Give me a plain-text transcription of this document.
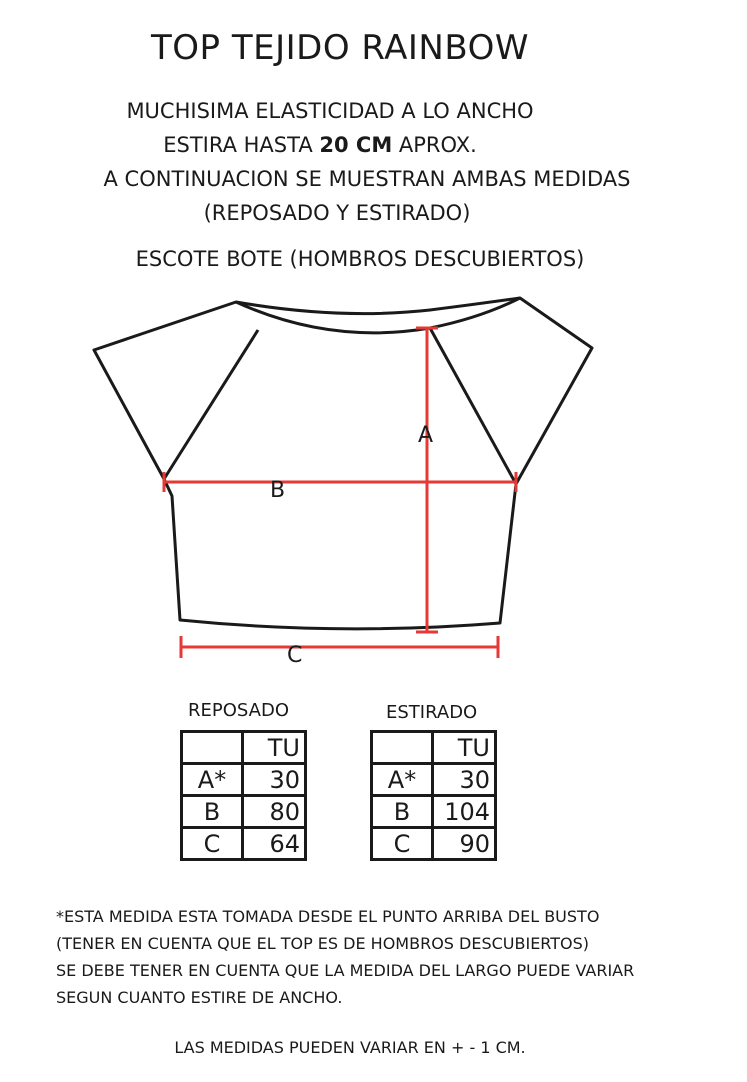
TOP TEJIDO RAINBOW
MUCHISIMA ELASTICIDAD A LO ANCHO
ESTIRA HASTA 20 CM APROX.
A CONTINUACION SE MUESTRAN AMBAS MEDIDAS
(REPOSADO Y ESTIRADO)
ESCOTE BOTE (HOMBROS DESCUBIERTOS)
A
B
C
REPOSADO
	TU
A*	30
B	80
C	64
ESTIRADO
	TU
A*	30
B	104
C	90
*ESTA MEDIDA ESTA TOMADA DESDE EL PUNTO ARRIBA DEL BUSTO
(TENER EN CUENTA QUE EL TOP ES DE HOMBROS DESCUBIERTOS)
SE DEBE TENER EN CUENTA QUE LA MEDIDA DEL LARGO PUEDE VARIAR
SEGUN CUANTO ESTIRE DE ANCHO.
LAS MEDIDAS PUEDEN VARIAR EN + - 1 CM.
